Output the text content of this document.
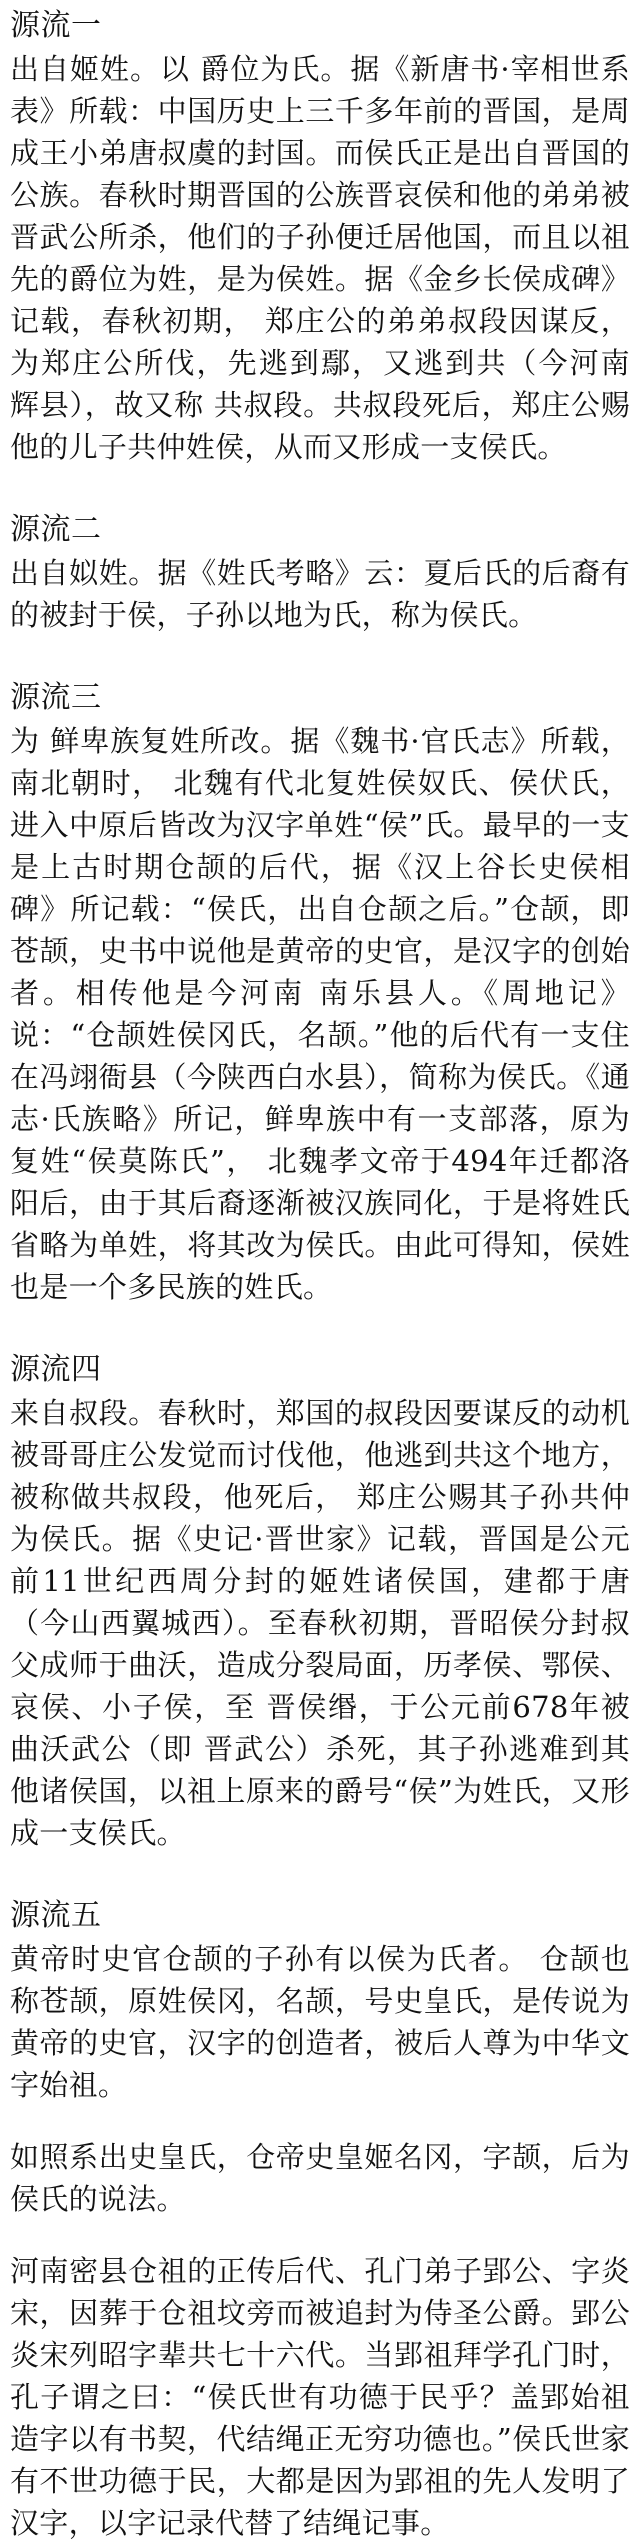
源流一

出自姬姓。以 爵位为氏。据《新唐书·宰相世系表》所载：中国历史上三千多年前的晋国，是周成王小弟唐叔虞的封国。而侯氏正是出自晋国的公族。春秋时期晋国的公族晋哀侯和他的弟弟被晋武公所杀，他们的子孙便迁居他国，而且以祖先的爵位为姓，是为侯姓。据《金乡长侯成碑》记载，春秋初期， 郑庄公的弟弟叔段因谋反，为郑庄公所伐，先逃到鄢，又逃到共（今河南 辉县），故又称 共叔段。共叔段死后，郑庄公赐他的儿子共仲姓侯，从而又形成一支侯氏。

源流二

出自姒姓。据《姓氏考略》云：夏后氏的后裔有的被封于侯，子孙以地为氏，称为侯氏。

源流三

为 鲜卑族复姓所改。据《魏书·官氏志》所载，南北朝时， 北魏有代北复姓侯奴氏、侯伏氏，进入中原后皆改为汉字单姓“侯”氏。最早的一支是上古时期仓颉的后代，据《汉上谷长史侯相碑》所记载：“侯氏，出自仓颉之后。”仓颉，即苍颉，史书中说他是黄帝的史官，是汉字的创始者。相传他是今河南 南乐县人。《周地记》说：“仓颉姓侯冈氏，名颉。”他的后代有一支住在冯翊衙县（今陕西白水县），简称为侯氏。《通志·氏族略》所记，鲜卑族中有一支部落，原为复姓“侯莫陈氏”， 北魏孝文帝于494年迁都洛阳后，由于其后裔逐渐被汉族同化，于是将姓氏省略为单姓，将其改为侯氏。由此可得知，侯姓也是一个多民族的姓氏。

源流四

来自叔段。春秋时，郑国的叔段因要谋反的动机被哥哥庄公发觉而讨伐他，他逃到共这个地方，被称做共叔段，他死后， 郑庄公赐其子孙共仲为侯氏。据《史记·晋世家》记载，晋国是公元前11世纪西周分封的姬姓诸侯国，建都于唐（今山西翼城西）。至春秋初期，晋昭侯分封叔父成师于曲沃，造成分裂局面，历孝侯、鄂侯、哀侯、小子侯，至 晋侯缗，于公元前678年被曲沃武公（即 晋武公）杀死，其子孙逃难到其他诸侯国，以祖上原来的爵号“侯”为姓氏，又形成一支侯氏。

源流五

黄帝时史官仓颉的子孙有以侯为氏者。 仓颉也称苍颉，原姓侯冈，名颉，号史皇氏，是传说为黄帝的史官，汉字的创造者，被后人尊为中华文字始祖。

如照系出史皇氏，仓帝史皇姬名冈，字颉，后为侯氏的说法。

河南密县仓祖的正传后代、孔门弟子郢公、字炎宋，因葬于仓祖坟旁而被追封为侍圣公爵。郢公炎宋列昭字辈共七十六代。当郢祖拜学孔门时，孔子谓之曰：“侯氏世有功德于民乎？盖郢始祖造字以有书契，代结绳正无穷功德也。”侯氏世家有不世功德于民，大都是因为郢祖的先人发明了汉字，以字记录代替了结绳记事。
